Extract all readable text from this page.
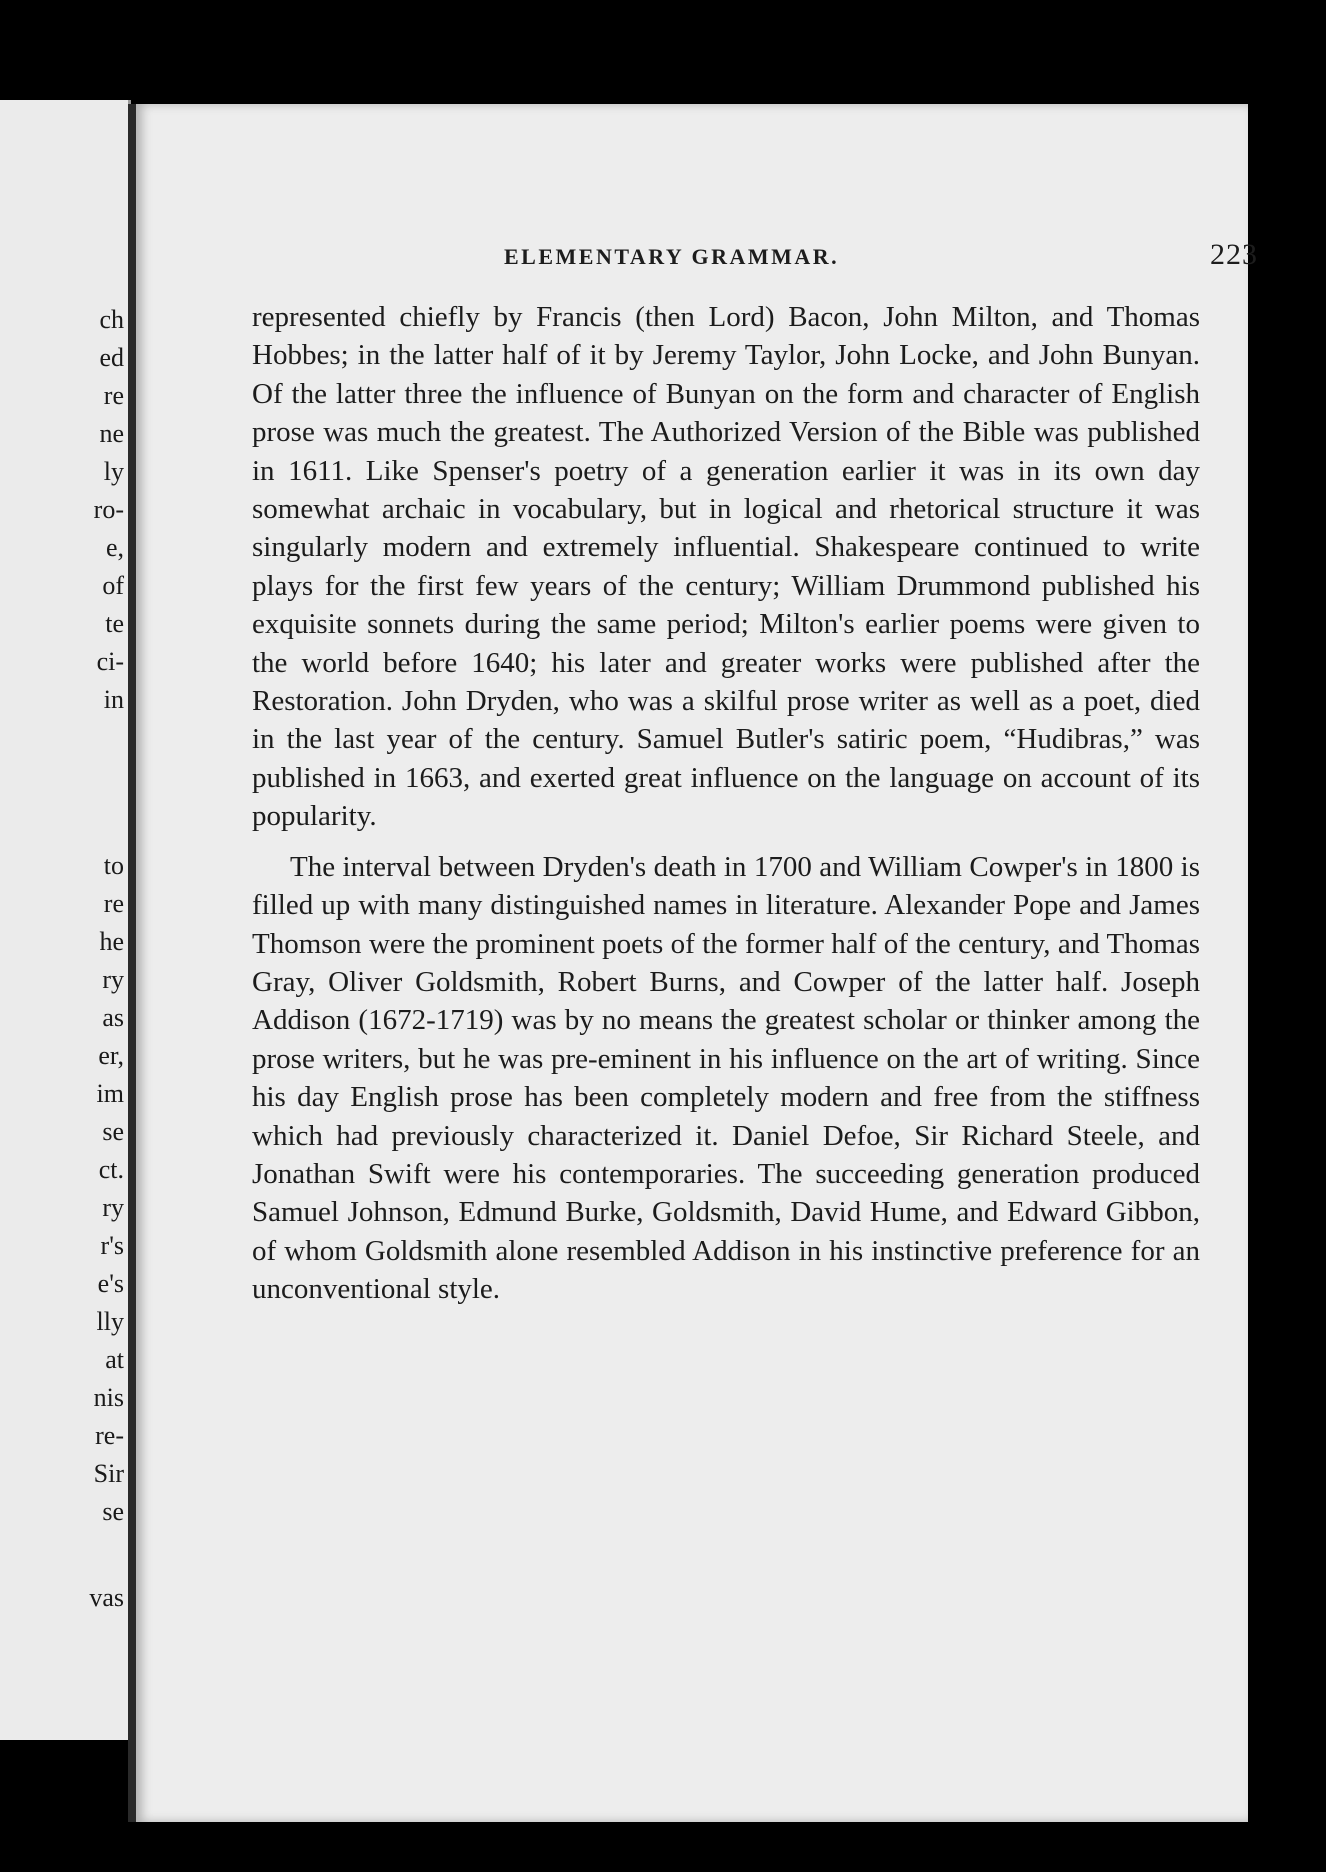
ch
ed
re
ne
ly
ro-
e,
of
te
ci-
in
to
re
he
ry
as
er,
im
se
ct.
ry
r's
e's
lly
at
nis
re-
Sir
se
vas
ELEMENTARY GRAMMAR.	223

represented chiefly by Francis (then Lord) Bacon, John Milton, and Thomas Hobbes; in the latter half of it by Jeremy Taylor, John Locke, and John Bunyan. Of the latter three the influence of Bunyan on the form and character of English prose was much the greatest. The Authorized Version of the Bible was published in 1611. Like Spenser's poetry of a generation earlier it was in its own day somewhat archaic in vocabulary, but in logical and rhetorical structure it was singularly modern and extremely influential. Shakespeare continued to write plays for the first few years of the century; William Drummond published his exquisite sonnets during the same period; Milton's earlier poems were given to the world before 1640; his later and greater works were published after the Restoration. John Dryden, who was a skilful prose writer as well as a poet, died in the last year of the century. Samuel Butler's satiric poem, “Hudibras,” was published in 1663, and exerted great influence on the language on account of its popularity.

The interval between Dryden's death in 1700 and William Cowper's in 1800 is filled up with many distinguished names in literature. Alexander Pope and James Thomson were the prominent poets of the former half of the century, and Thomas Gray, Oliver Goldsmith, Robert Burns, and Cowper of the latter half. Joseph Addison (1672-1719) was by no means the greatest scholar or thinker among the prose writers, but he was pre-eminent in his influence on the art of writing. Since his day English prose has been completely modern and free from the stiffness which had previously characterized it. Daniel Defoe, Sir Richard Steele, and Jonathan Swift were his contemporaries. The succeeding generation produced Samuel Johnson, Edmund Burke, Goldsmith, David Hume, and Edward Gibbon, of whom Goldsmith alone resembled Addison in his instinctive preference for an unconventional style.
